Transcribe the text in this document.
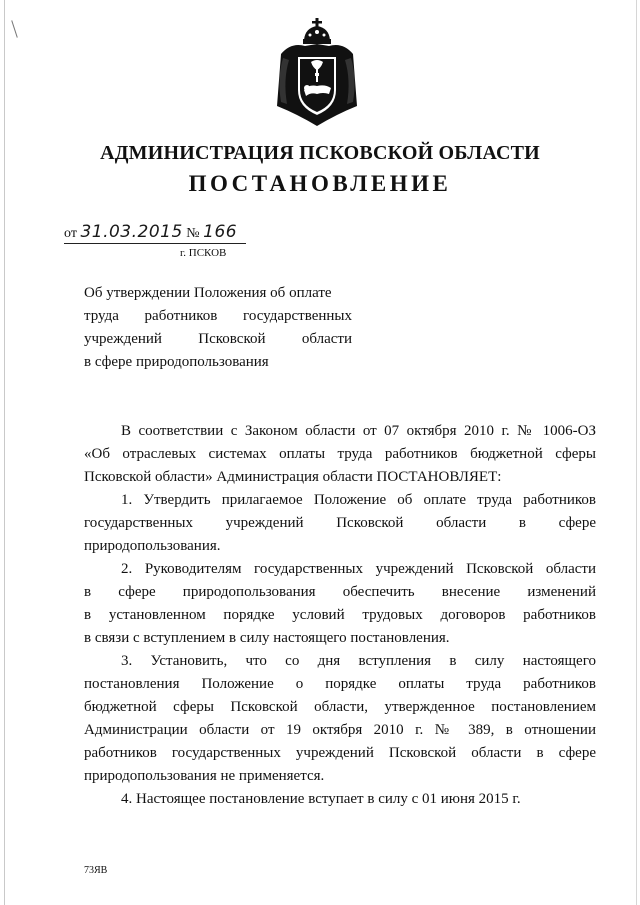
АДМИНИСТРАЦИЯ ПСКОВСКОЙ ОБЛАСТИ
ПОСТАНОВЛЕНИЕ
от 31.03.2015 № 166
г. ПСКОВ
Об утверждении Положения об оплате
труда работников государственных
учреждений Псковской области
в сфере природопользования
В соответствии с Законом области от 07 октября 2010 г. № 1006-ОЗ
«Об отраслевых системах оплаты труда работников бюджетной сферы
Псковской области» Администрация области ПОСТАНОВЛЯЕТ:
1. Утвердить прилагаемое Положение об оплате труда работников
государственных учреждений Псковской области в сфере
природопользования.
2. Руководителям государственных учреждений Псковской области
в сфере природопользования обеспечить внесение изменений
в установленном порядке условий трудовых договоров работников
в связи с вступлением в силу настоящего постановления.
3. Установить, что со дня вступления в силу настоящего
постановления Положение о порядке оплаты труда работников
бюджетной сферы Псковской области, утвержденное постановлением
Администрации области от 19 октября 2010 г. № 389, в отношении
работников государственных учреждений Псковской области в сфере
природопользования не применяется.
4. Настоящее постановление вступает в силу с 01 июня 2015 г.
73ЯВ
